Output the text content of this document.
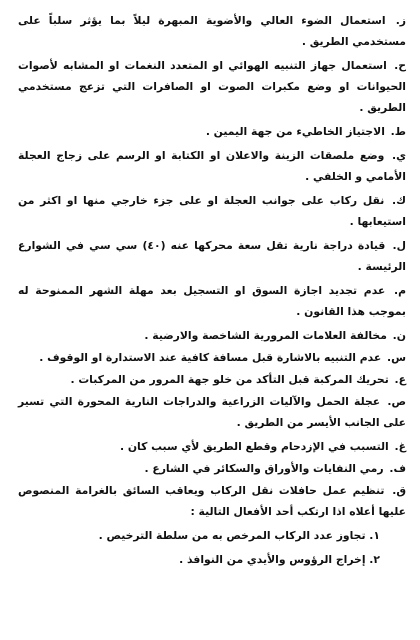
ز. استعمال الضوء العالي والأضوية المبهرة ليلاً بما يؤثر سلباً على مستخدمي الطريق .
ح. استعمال جهاز التنبيه الهوائي او المتعدد النغمات او المشابه لأصوات الحيوانات او وضع مكبرات الصوت او الصافرات التي تزعج مستخدمي الطريق .
ط. الاجتياز الخاطيء من جهة اليمين .
ي. وضع ملصقات الزينة والاعلان او الكتابة او الرسم على زجاج العجلة الأمامي و الخلفي .
ك. نقل ركاب على جوانب العجلة او على جزء خارجي منها او اكثر من استيعابها .
ل. قيادة دراجة نارية تقل سعة محركها عنه (٤٠) سي سي في الشوارع الرئيسة .
م. عدم تجديد اجازة السوق او التسجيل بعد مهلة الشهر الممنوحة له بموجب هذا القانون .
ن. مخالفة العلامات المرورية الشاخصة والارضية .
س. عدم التنبيه بالاشارة قبل مسافة كافية عند الاستدارة او الوقوف .
ع. تحريك المركبة قبل التأكد من خلو جهة المرور من المركبات .
ص. عجلة الحمل والآليات الزراعية والدراجات النارية المحورة التي تسير على الجانب الأيسر من الطريق .
غ. التسبب في الإزدحام وقطع الطريق لأي سبب كان .
ف. رمي النفايات والأوراق والسكائر في الشارع .
ق. تنظيم عمل حافلات نقل الركاب ويعاقب السائق بالغرامة المنصوص عليها أعلاه اذا ارتكب أحد الأفعال التالية :
١. تجاوز عدد الركاب المرخص به من سلطة الترخيص .
٢. إخراج الرؤوس والأيدي من النوافذ .
